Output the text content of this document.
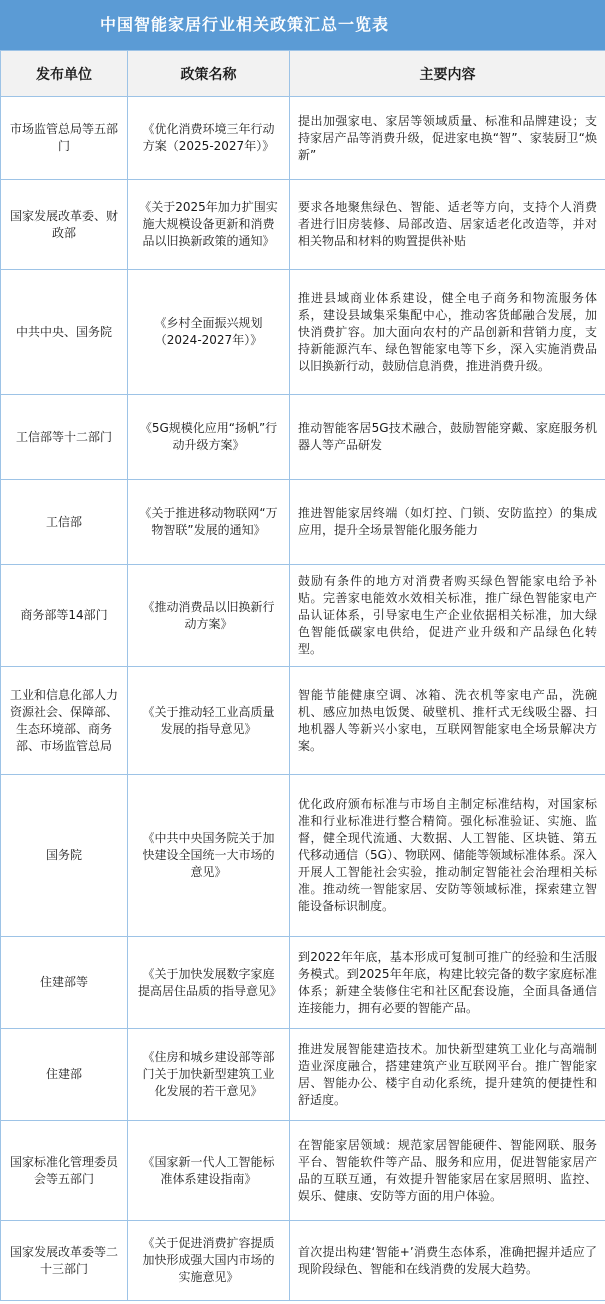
中国智能家居行业相关政策汇总一览表
发布单位	政策名称	主要内容
市场监管总局等五部门	《优化消费环境三年行动方案（2025-2027年）》	提出加强家电、家居等领域质量、标准和品牌建设；支持家居产品等消费升级，促进家电换“智”、家装厨卫“焕新”
国家发展改革委、财政部	《关于2025年加力扩围实施大规模设备更新和消费品以旧换新政策的通知》	要求各地聚焦绿色、智能、适老等方向，支持个人消费者进行旧房装修、局部改造、居家适老化改造等，并对相关物品和材料的购置提供补贴
中共中央、国务院	《乡村全面振兴规划（2024-2027年）》	推进县域商业体系建设，健全电子商务和物流服务体系，建设县域集采集配中心，推动客货邮融合发展，加快消费扩容。加大面向农村的产品创新和营销力度，支持新能源汽车、绿色智能家电等下乡，深入实施消费品以旧换新行动，鼓励信息消费，推进消费升级。
工信部等十二部门	《5G规模化应用“扬帆”行动升级方案》	推动智能客居5G技术融合，鼓励智能穿戴、家庭服务机器人等产品研发
工信部	《关于推进移动物联网“万物智联”发展的通知》	推进智能家居终端（如灯控、门锁、安防监控）的集成应用，提升全场景智能化服务能力
商务部等14部门	《推动消费品以旧换新行动方案》	鼓励有条件的地方对消费者购买绿色智能家电给予补贴。完善家电能效水效相关标准，推广绿色智能家电产品认证体系，引导家电生产企业依据相关标准，加大绿色智能低碳家电供给，促进产业升级和产品绿色化转型。
工业和信息化部人力资源社会、保障部、生态环境部、商务部、市场监管总局	《关于推动轻工业高质量发展的指导意见》	智能节能健康空调、冰箱、洗衣机等家电产品，洗碗机、感应加热电饭煲、破壁机、推杆式无线吸尘器、扫地机器人等新兴小家电，互联网智能家电全场景解决方案。
国务院	《中共中央国务院关于加快建设全国统一大市场的意见》	优化政府颁布标准与市场自主制定标准结构，对国家标准和行业标准进行整合精简。强化标准验证、实施、监督，健全现代流通、大数据、人工智能、区块链、第五代移动通信（5G）、物联网、储能等领域标准体系。深入开展人工智能社会实验，推动制定智能社会治理相关标准。推动统一智能家居、安防等领域标准，探索建立智能设备标识制度。
住建部等	《关于加快发展数字家庭提高居住品质的指导意见》	到2022年年底，基本形成可复制可推广的经验和生活服务模式。到2025年年底，构建比较完备的数字家庭标准体系；新建全装修住宅和社区配套设施，全面具备通信连接能力，拥有必要的智能产品。
住建部	《住房和城乡建设部等部门关于加快新型建筑工业化发展的若干意见》	推进发展智能建造技术。加快新型建筑工业化与高端制造业深度融合，搭建建筑产业互联网平台。推广智能家居、智能办公、楼宇自动化系统，提升建筑的便捷性和舒适度。
国家标准化管理委员会等五部门	《国家新一代人工智能标准体系建设指南》	在智能家居领域：规范家居智能硬件、智能网联、服务平台、智能软件等产品、服务和应用，促进智能家居产品的互联互通，有效提升智能家居在家居照明、监控、娱乐、健康、安防等方面的用户体验。
国家发展改革委等二十三部门	《关于促进消费扩容提质加快形成强大国内市场的实施意见》	首次提出构建‘智能+’消费生态体系，准确把握并适应了现阶段绿色、智能和在线消费的发展大趋势。
